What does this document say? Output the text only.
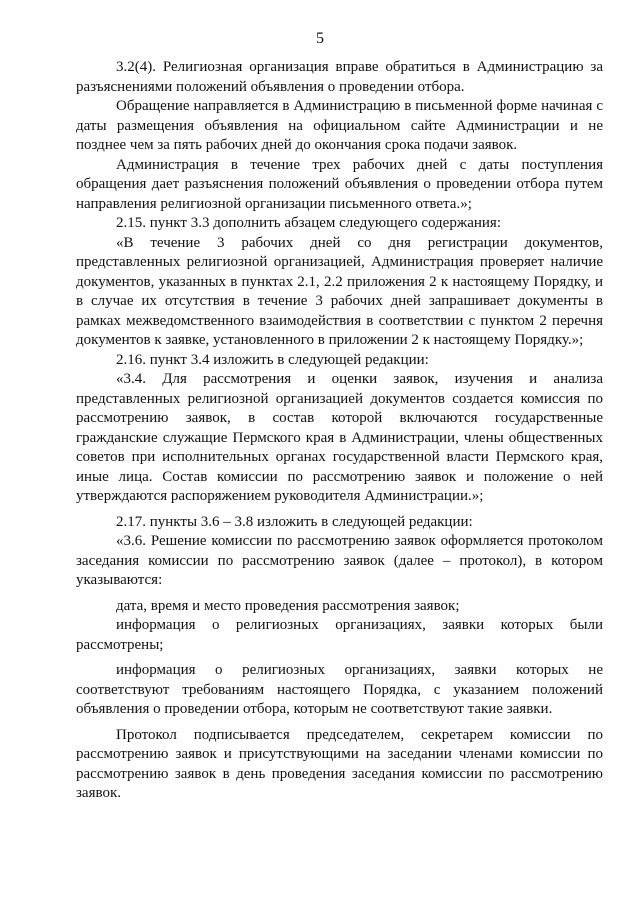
5

3.2(4). Религиозная организация вправе обратиться в Администрацию за разъяснениями положений объявления о проведении отбора.

Обращение направляется в Администрацию в письменной форме начиная с даты размещения объявления на официальном сайте Администрации и не позднее чем за пять рабочих дней до окончания срока подачи заявок.

Администрация в течение трех рабочих дней с даты поступления обращения дает разъяснения положений объявления о проведении отбора путем направления религиозной организации письменного ответа.»;

2.15. пункт 3.3 дополнить абзацем следующего содержания:

«В течение 3 рабочих дней со дня регистрации документов, представленных религиозной организацией, Администрация проверяет наличие документов, указанных в пунктах 2.1, 2.2 приложения 2 к настоящему Порядку, и в случае их отсутствия в течение 3 рабочих дней запрашивает документы в рамках межведомственного взаимодействия в соответствии с пунктом 2 перечня документов к заявке, установленного в приложении 2 к настоящему Порядку.»;

2.16. пункт 3.4 изложить в следующей редакции:

«3.4. Для рассмотрения и оценки заявок, изучения и анализа представленных религиозной организацией документов создается комиссия по рассмотрению заявок, в состав которой включаются государственные гражданские служащие Пермского края в Администрации, члены общественных советов при исполнительных органах государственной власти Пермского края, иные лица. Состав комиссии по рассмотрению заявок и положение о ней утверждаются распоряжением руководителя Администрации.»;

2.17. пункты 3.6 – 3.8 изложить в следующей редакции:

«3.6. Решение комиссии по рассмотрению заявок оформляется протоколом заседания комиссии по рассмотрению заявок (далее – протокол), в котором указываются:

дата, время и место проведения рассмотрения заявок;

информация о религиозных организациях, заявки которых были рассмотрены;

информация о религиозных организациях, заявки которых не соответствуют требованиям настоящего Порядка, с указанием положений объявления о проведении отбора, которым не соответствуют такие заявки.

Протокол подписывается председателем, секретарем комиссии по рассмотрению заявок и присутствующими на заседании членами комиссии по рассмотрению заявок в день проведения заседания комиссии по рассмотрению заявок.
